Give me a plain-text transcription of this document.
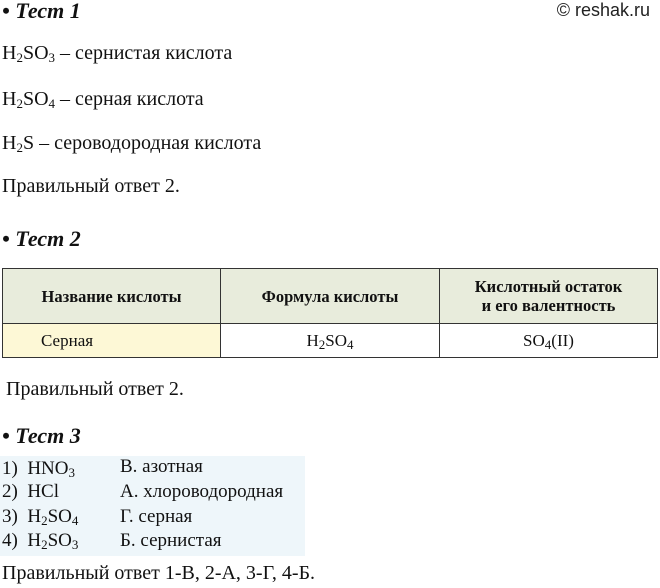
© reshak.ru
• Тест 1
$H_2SO_3$ – сернистая кислота
$H_2SO_4$ – серная кислота
$H_2S$ – сероводородная кислота
Правильный ответ 2.
• Тест 2
Название кислоты	Формула кислоты	Кислотный остаток
и его валентность
Серная	$H_2SO_4$	$SO_4(II)$
Правильный ответ 2.
• Тест 3
1) $HNO_3$ В. азотная
2) HCl	А. хлороводородная
3) $H_2SO_4$ Г. серная
4) $H_2SO_3$ Б. сернистая
Правильный ответ 1-В, 2-А, 3-Г, 4-Б.
